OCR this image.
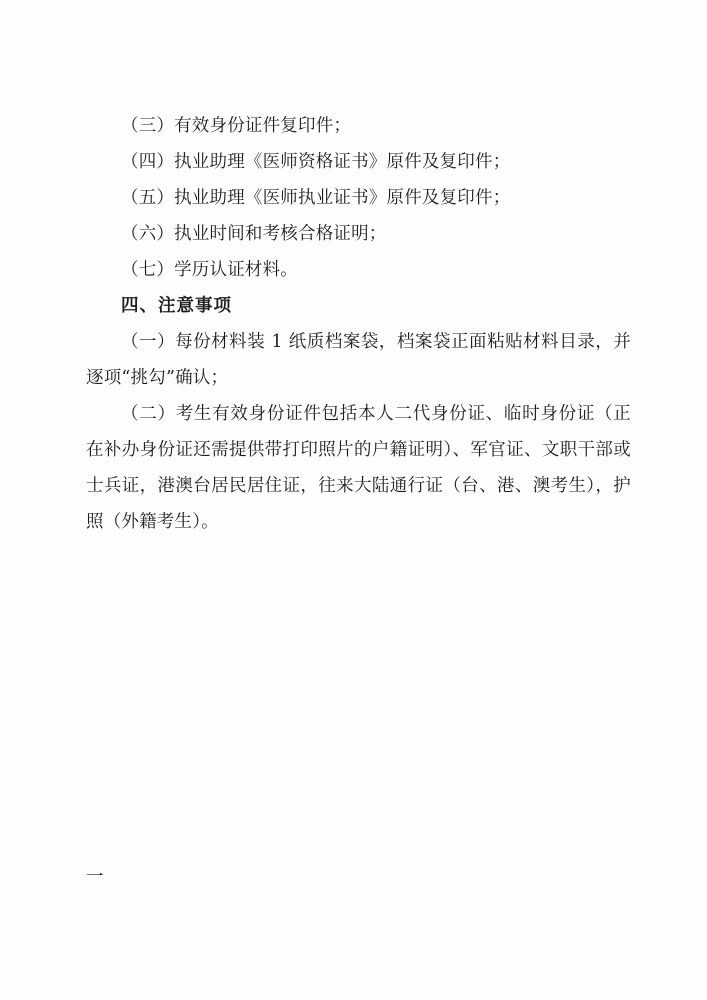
（三）有效身份证件复印件；

（四）执业助理《医师资格证书》原件及复印件；

（五）执业助理《医师执业证书》原件及复印件；

（六）执业时间和考核合格证明；

（七）学历认证材料。

四、注意事项

（一）每份材料装 1 纸质档案袋，档案袋正面粘贴材料目录，并逐项“挑勾”确认；

（二）考生有效身份证件包括本人二代身份证、临时身份证（正在补办身份证还需提供带打印照片的户籍证明）、军官证、文职干部或士兵证，港澳台居民居住证，往来大陆通行证（台、港、澳考生），护照（外籍考生）。

一
